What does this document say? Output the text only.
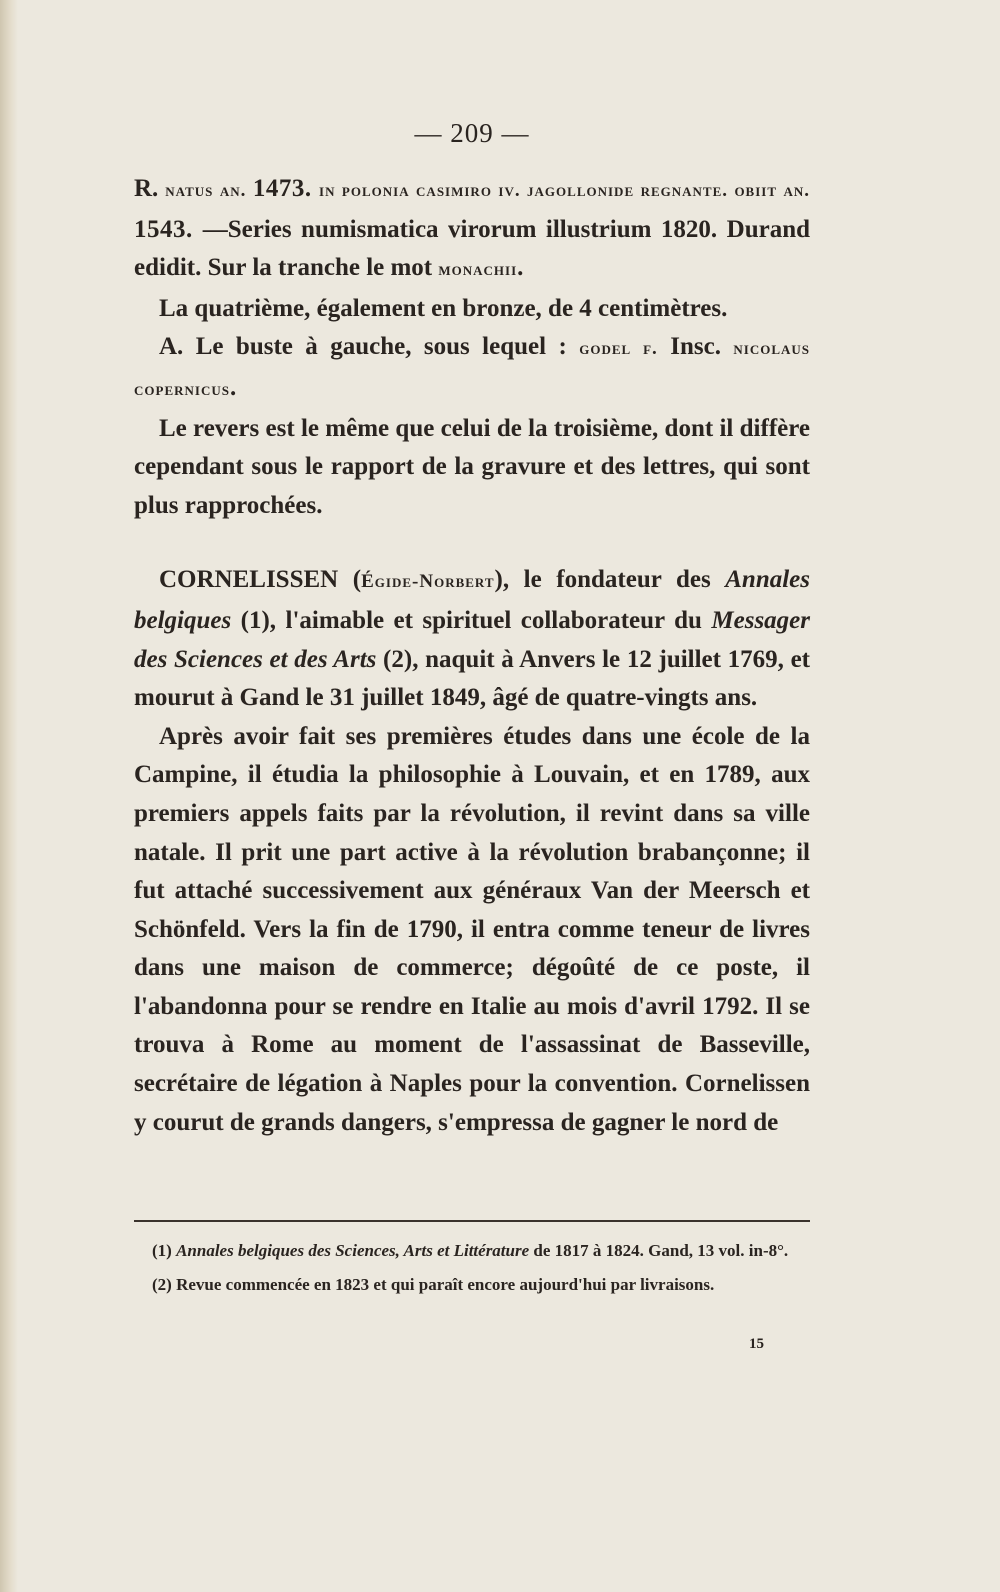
— 209 —

R. natus an. 1473. in polonia casimiro iv. jagollonide regnante. obiit an. 1543. —Series numismatica virorum illustrium 1820. Durand edidit. Sur la tranche le mot monachii.

La quatrième, également en bronze, de 4 centimètres.

A. Le buste à gauche, sous lequel : godel f. Insc. nicolaus copernicus.

Le revers est le même que celui de la troisième, dont il diffère cependant sous le rapport de la gravure et des lettres, qui sont plus rapprochées.

CORNELISSEN (Égide-Norbert), le fondateur des Annales belgiques (1), l'aimable et spirituel collaborateur du Messager des Sciences et des Arts (2), naquit à Anvers le 12 juillet 1769, et mourut à Gand le 31 juillet 1849, âgé de quatre-vingts ans.

Après avoir fait ses premières études dans une école de la Campine, il étudia la philosophie à Louvain, et en 1789, aux premiers appels faits par la révolution, il revint dans sa ville natale. Il prit une part active à la révolution brabançonne; il fut attaché successivement aux généraux Van der Meersch et Schönfeld. Vers la fin de 1790, il entra comme teneur de livres dans une maison de commerce; dégoûté de ce poste, il l'abandonna pour se rendre en Italie au mois d'avril 1792. Il se trouva à Rome au moment de l'assassinat de Basseville, secrétaire de légation à Naples pour la convention. Cornelissen y courut de grands dangers, s'empressa de gagner le nord de

(1) Annales belgiques des Sciences, Arts et Littérature de 1817 à 1824. Gand, 13 vol. in-8°.

(2) Revue commencée en 1823 et qui paraît encore aujourd'hui par livraisons.

15
